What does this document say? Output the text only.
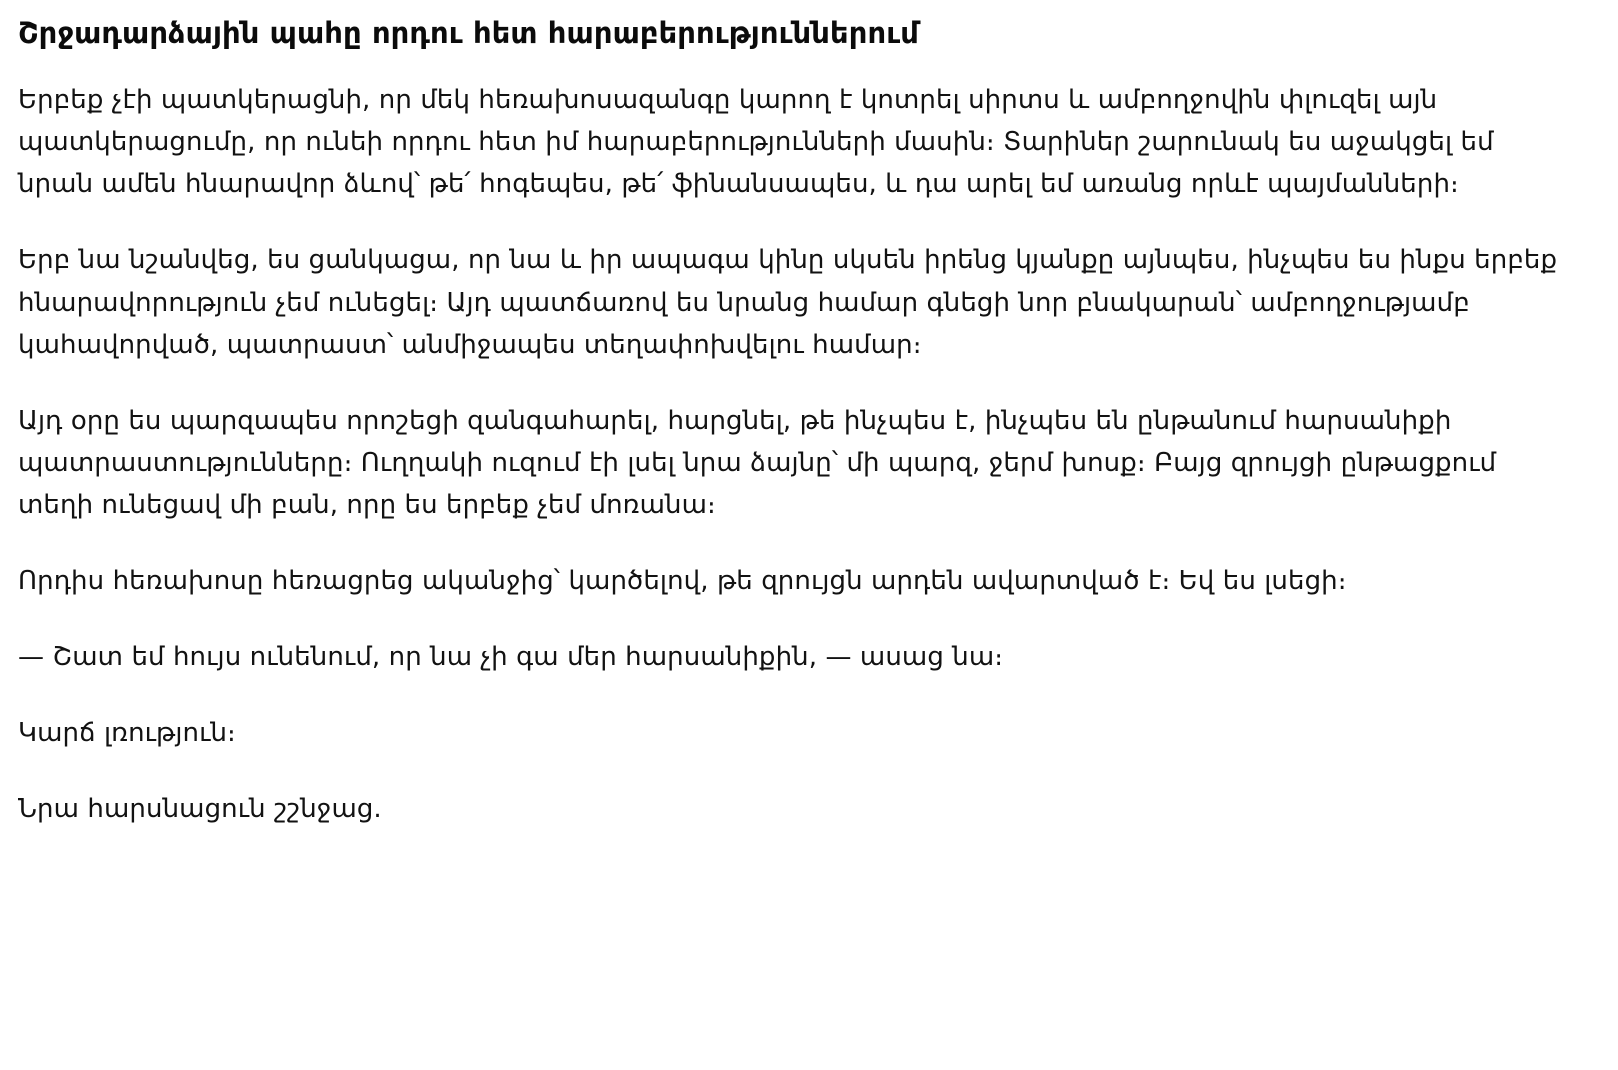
Շրջադարձային պահը որդու հետ հարաբերություններում

Երբեք չէի պատկերացնի, որ մեկ հեռախոսազանգը կարող է կոտրել սիրտս և ամբողջովին փլուզել այն պատկերացումը, որ ունեի որդու հետ իմ հարաբերությունների մասին։ Տարիներ շարունակ ես աջակցել եմ նրան ամեն հնարավոր ձևով՝ թե՛ հոգեպես, թե՛ ֆինանսապես, և դա արել եմ առանց որևէ պայմանների։

Երբ նա նշանվեց, ես ցանկացա, որ նա և իր ապագա կինը սկսեն իրենց կյանքը այնպես, ինչպես ես ինքս երբեք հնարավորություն չեմ ունեցել։ Այդ պատճառով ես նրանց համար գնեցի նոր բնակարան՝ ամբողջությամբ կահավորված, պատրաստ՝ անմիջապես տեղափոխվելու համար։

Այդ օրը ես պարզապես որոշեցի զանգահարել, հարցնել, թե ինչպես է, ինչպես են ընթանում հարսանիքի պատրաստությունները։ Ուղղակի ուզում էի լսել նրա ձայնը՝ մի պարզ, ջերմ խոսք։ Բայց զրույցի ընթացքում տեղի ունեցավ մի բան, որը ես երբեք չեմ մոռանա։

Որդիս հեռախոսը հեռացրեց ականջից՝ կարծելով, թե զրույցն արդեն ավարտված է։ Եվ ես լսեցի։

— Շատ եմ հույս ունենում, որ նա չի գա մեր հարսանիքին, — ասաց նա։

Կարճ լռություն։

Նրա հարսնացուն շշնջաց.
